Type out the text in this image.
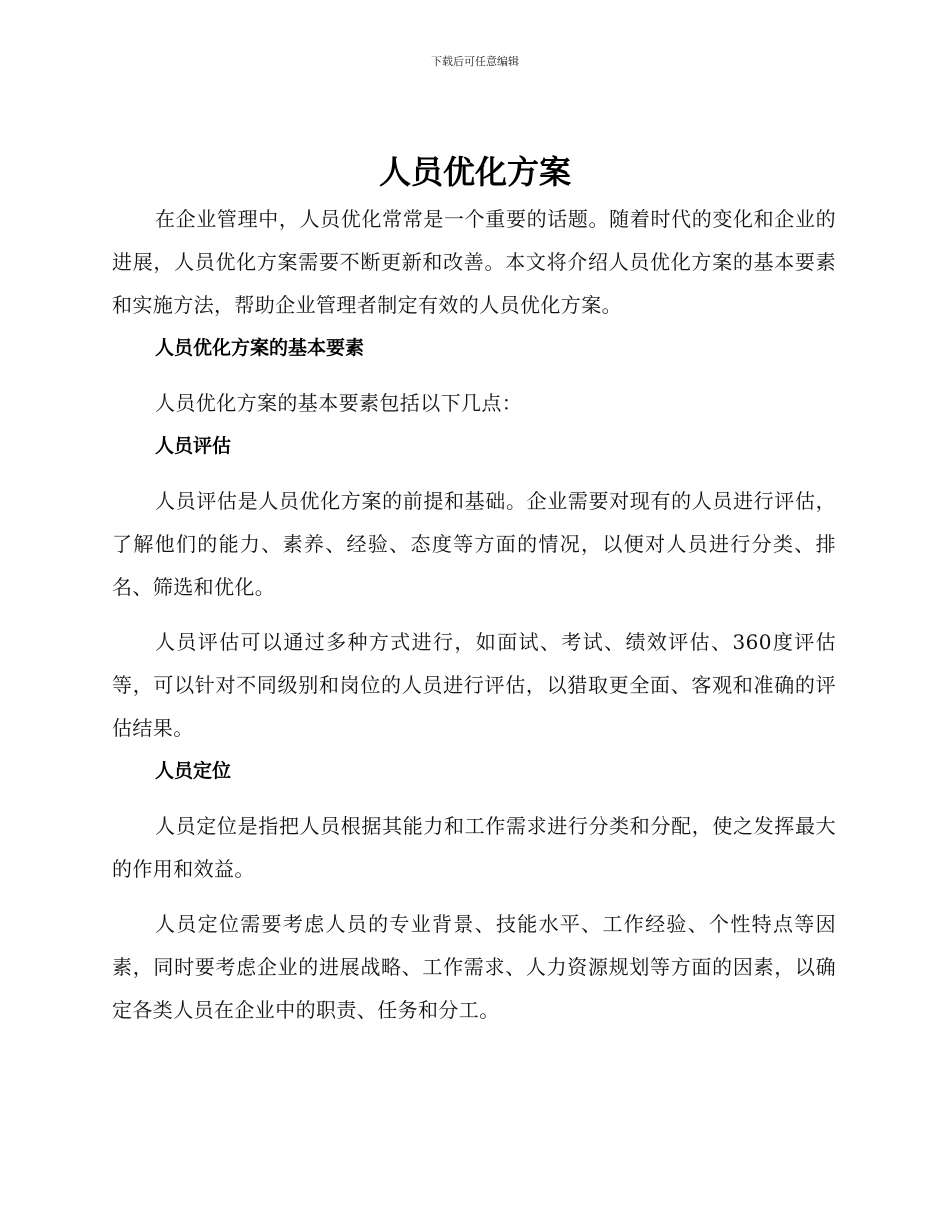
下载后可任意编辑
人员优化方案

在企业管理中，人员优化常常是一个重要的话题。随着时代的变化和企业的进展，人员优化方案需要不断更新和改善。本文将介绍人员优化方案的基本要素和实施方法，帮助企业管理者制定有效的人员优化方案。

人员优化方案的基本要素

人员优化方案的基本要素包括以下几点：

人员评估

人员评估是人员优化方案的前提和基础。企业需要对现有的人员进行评估，了解他们的能力、素养、经验、态度等方面的情况，以便对人员进行分类、排名、筛选和优化。

人员评估可以通过多种方式进行，如面试、考试、绩效评估、360度评估等，可以针对不同级别和岗位的人员进行评估，以猎取更全面、客观和准确的评估结果。

人员定位

人员定位是指把人员根据其能力和工作需求进行分类和分配，使之发挥最大的作用和效益。

人员定位需要考虑人员的专业背景、技能水平、工作经验、个性特点等因素，同时要考虑企业的进展战略、工作需求、人力资源规划等方面的因素，以确定各类人员在企业中的职责、任务和分工。
